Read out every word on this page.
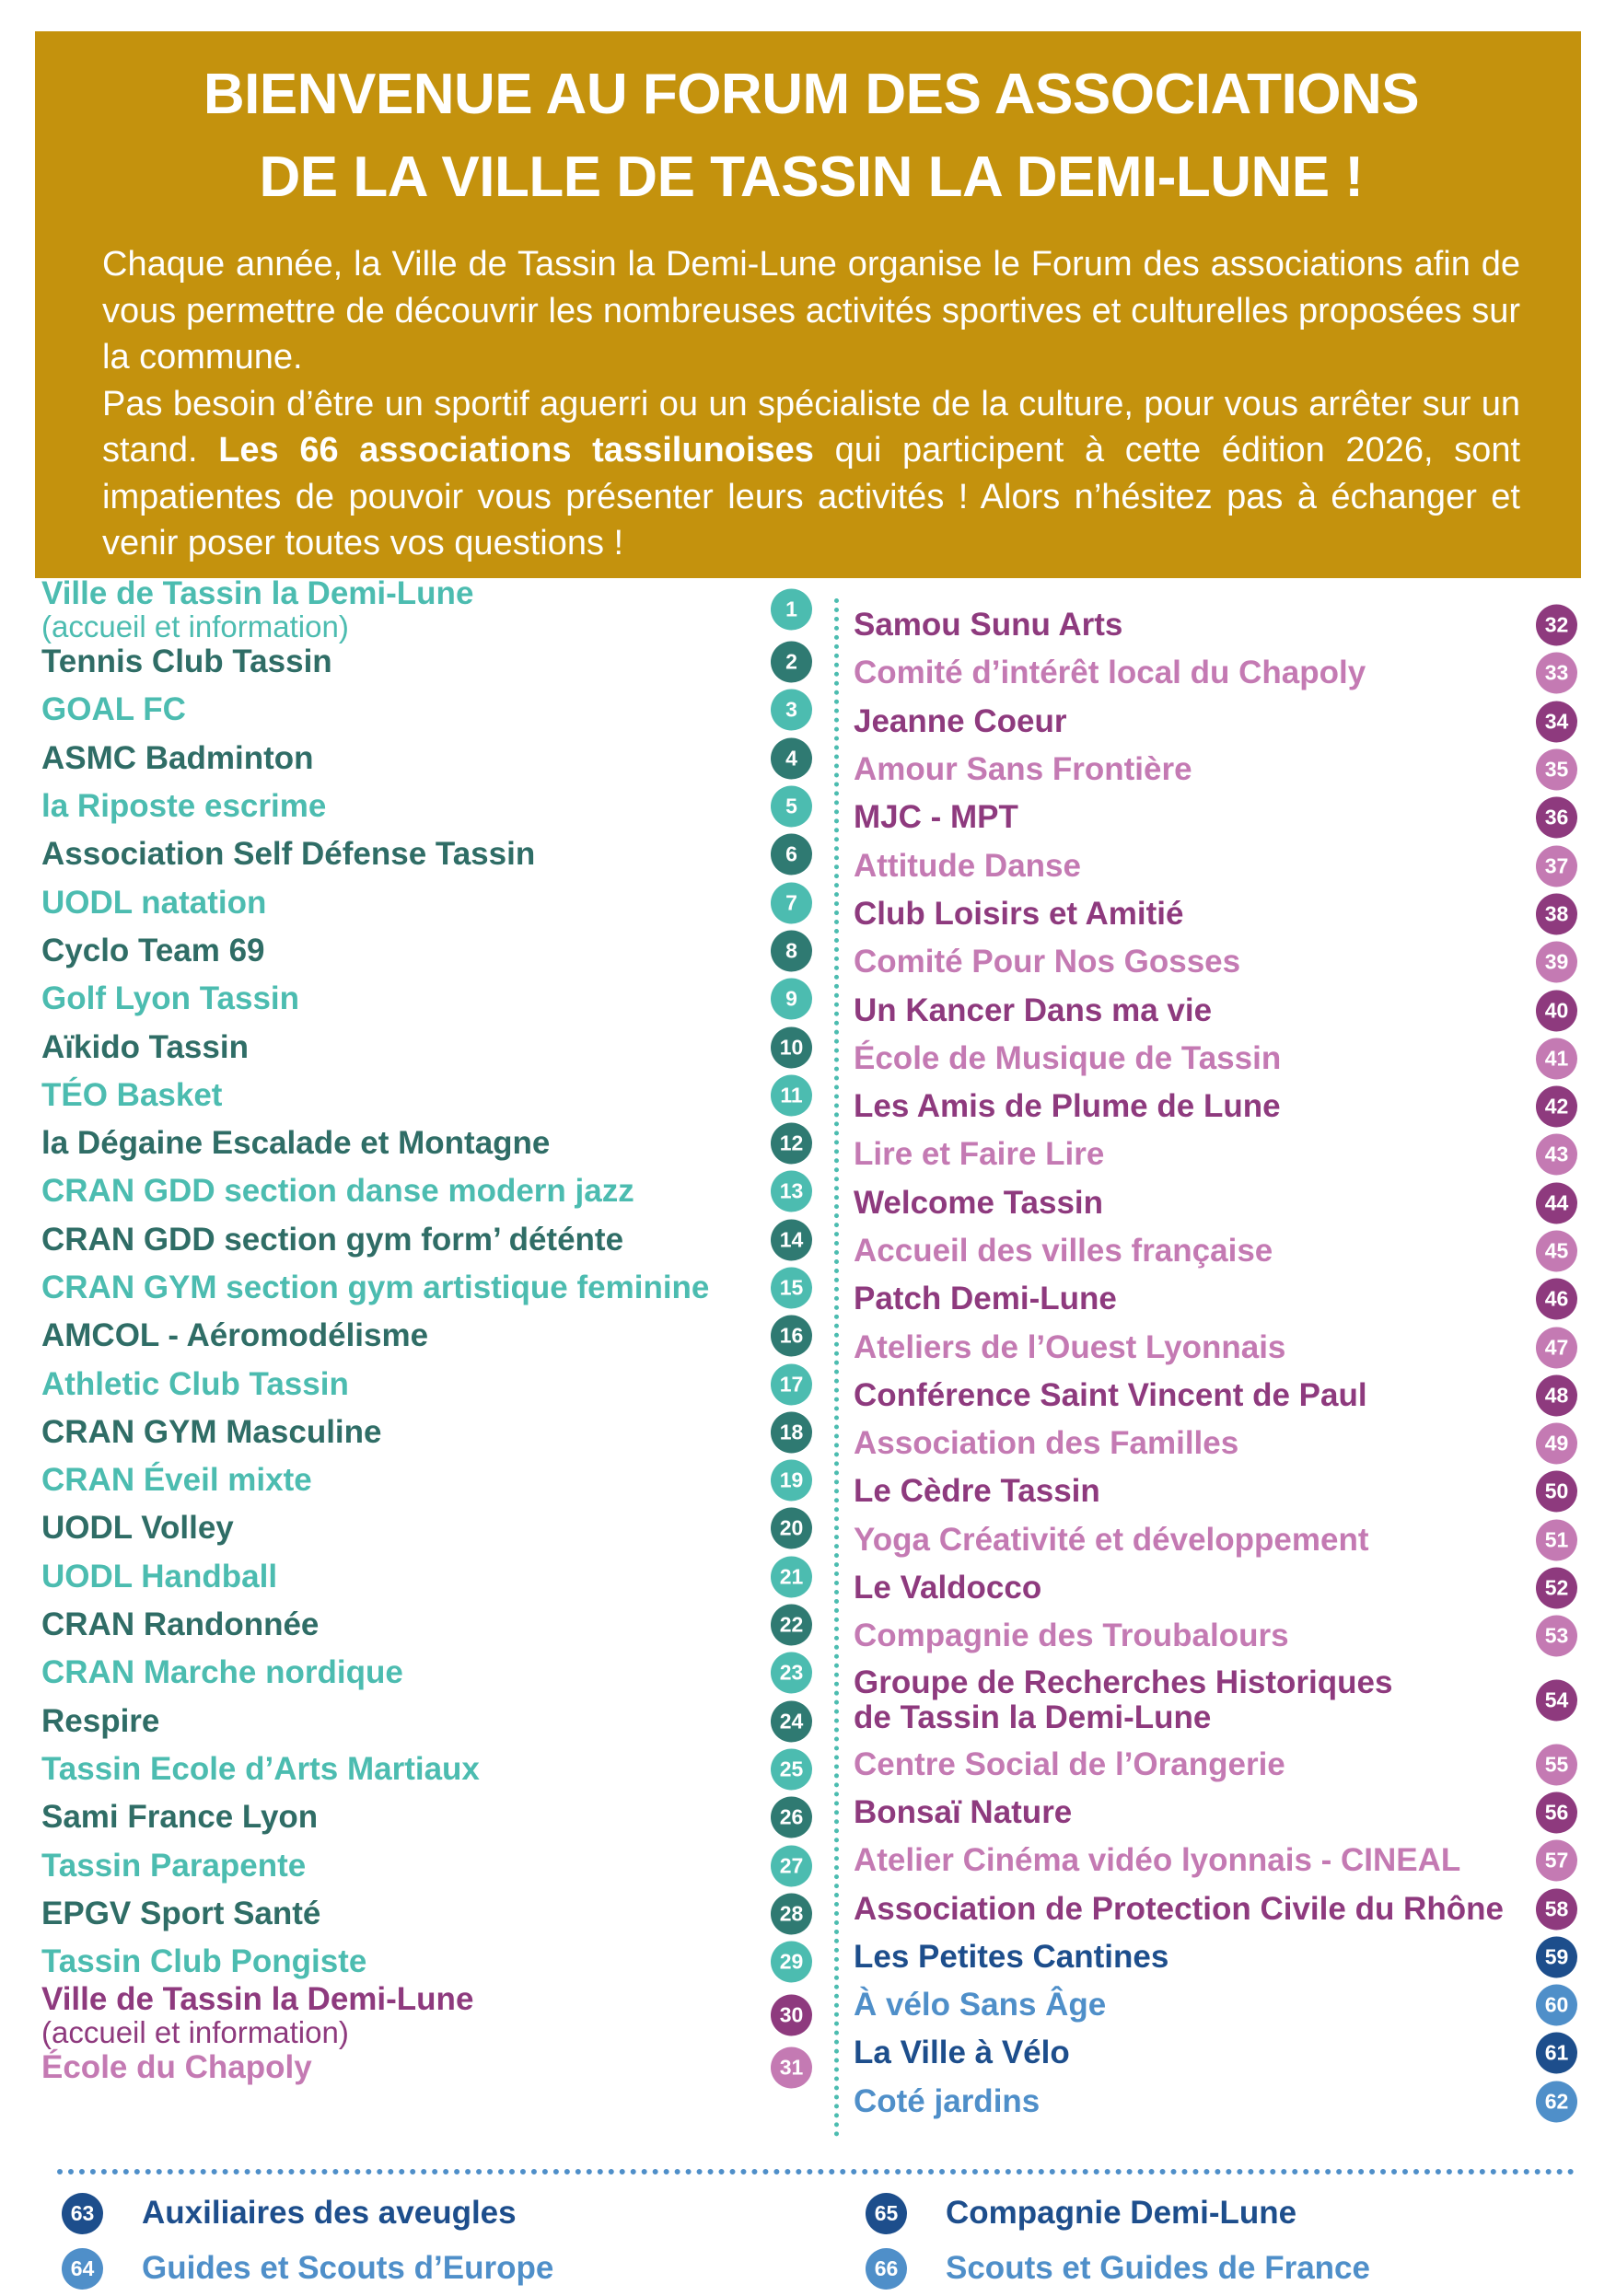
BIENVENUE AU FORUM DES ASSOCIATIONS
DE LA VILLE DE TASSIN LA DEMI-LUNE !

Chaque année, la Ville de Tassin la Demi-Lune organise le Forum des associations afin de vous permettre de découvrir les nombreuses activités sportives et culturelles proposées sur la commune.

Pas besoin d’être un sportif aguerri ou un spécialiste de la culture, pour vous arrêter sur un stand. Les 66 associations tassilunoises qui participent à cette édition 2026, sont impatientes de pouvoir vous présenter leurs activités ! Alors n’hésitez pas à échanger et venir poser toutes vos questions !

Ville de Tassin la Demi-Lune
(accueil et information)
1
Tennis Club Tassin	2
GOAL FC	3
ASMC Badminton	4
la Riposte escrime	5
Association Self Défense Tassin	6
UODL natation	7
Cyclo Team 69	8
Golf Lyon Tassin	9
Aïkido Tassin	10
TÉO Basket	11
la Dégaine Escalade et Montagne	12
CRAN GDD section danse modern jazz	13
CRAN GDD section gym form’ déténte	14
CRAN GYM section gym artistique feminine	15
AMCOL - Aéromodélisme	16
Athletic Club Tassin	17
CRAN GYM Masculine	18
CRAN Éveil mixte	19
UODL Volley	20
UODL Handball	21
CRAN Randonnée	22
CRAN Marche nordique	23
Respire	24
Tassin Ecole d’Arts Martiaux	25
Sami France Lyon	26
Tassin Parapente	27
EPGV Sport Santé	28
Tassin Club Pongiste	29
Ville de Tassin la Demi-Lune
(accueil et information)
30
École du Chapoly	31
Samou Sunu Arts	32
Comité d’intérêt local du Chapoly	33
Jeanne Coeur	34
Amour Sans Frontière	35
MJC - MPT	36
Attitude Danse	37
Club Loisirs et Amitié	38
Comité Pour Nos Gosses	39
Un Kancer Dans ma vie	40
École de Musique de Tassin	41
Les Amis de Plume de Lune	42
Lire et Faire Lire	43
Welcome Tassin	44
Accueil des villes française	45
Patch Demi-Lune	46
Ateliers de l’Ouest Lyonnais	47
Conférence Saint Vincent de Paul	48
Association des Familles	49
Le Cèdre Tassin	50
Yoga Créativité et développement	51
Le Valdocco	52
Compagnie des Troubalours	53
Groupe de Recherches Historiques
de Tassin la Demi-Lune	54
Centre Social de l’Orangerie	55
Bonsaï Nature	56
Atelier Cinéma vidéo lyonnais - CINEAL	57
Association de Protection Civile du Rhône	58
Les Petites Cantines	59
À vélo Sans Âge	60
La Ville à Vélo	61
Coté jardins	62
63 Auxiliaires des aveugles
64 Guides et Scouts d’Europe
65 Compagnie Demi-Lune
66 Scouts et Guides de France
